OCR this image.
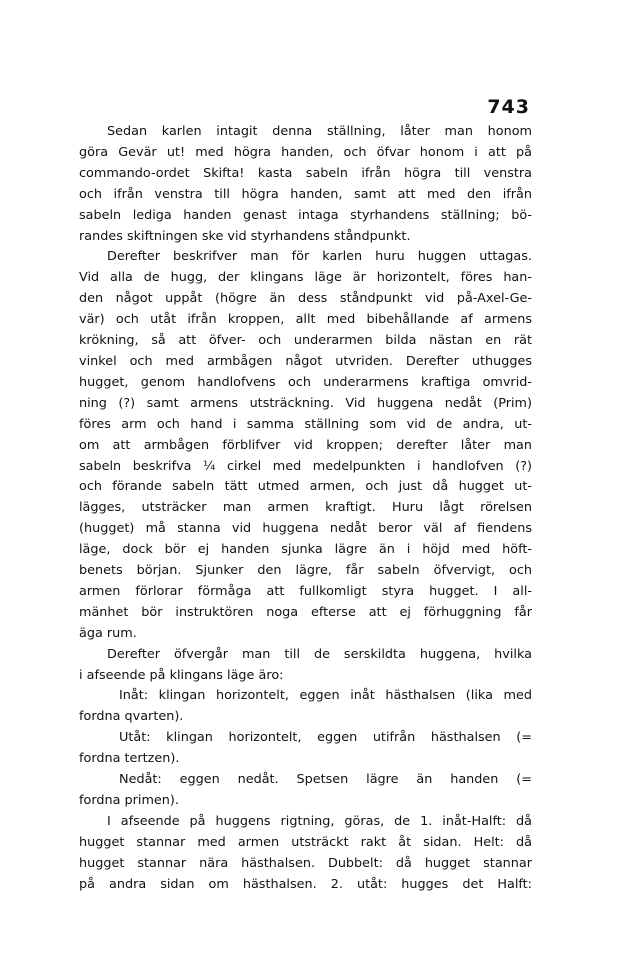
743
Sedan karlen intagit denna ställning, låter man honom
göra Gevär ut! med högra handen, och öfvar honom i att på
commando-ordet Skifta! kasta sabeln ifrån högra till venstra
och ifrån venstra till högra handen, samt att med den ifrån
sabeln lediga handen genast intaga styrhandens ställning; bö-
randes skiftningen ske vid styrhandens ståndpunkt.
Derefter beskrifver man för karlen huru huggen uttagas.
Vid alla de hugg, der klingans läge är horizontelt, föres han-
den något uppåt (högre än dess ståndpunkt vid på-Axel-Ge-
vär) och utåt ifrån kroppen, allt med bibehållande af armens
krökning, så att öfver- och underarmen bilda nästan en rät
vinkel och med armbågen något utvriden. Derefter uthugges
hugget, genom handlofvens och underarmens kraftiga omvrid-
ning (?) samt armens utsträckning. Vid huggena nedåt (Prim)
föres arm och hand i samma ställning som vid de andra, ut-
om att armbågen förblifver vid kroppen; derefter låter man
sabeln beskrifva ¼ cirkel med medelpunkten i handlofven (?)
och förande sabeln tätt utmed armen, och just då hugget ut-
lägges, utsträcker man armen kraftigt. Huru lågt rörelsen
(hugget) må stanna vid huggena nedåt beror väl af fiendens
läge, dock bör ej handen sjunka lägre än i höjd med höft-
benets början. Sjunker den lägre, får sabeln öfvervigt, och
armen förlorar förmåga att fullkomligt styra hugget. I all-
mänhet bör instruktören noga efterse att ej förhuggning får
äga rum.
Derefter öfvergår man till de serskildta huggena, hvilka
i afseende på klingans läge äro:
Inåt: klingan horizontelt, eggen inåt hästhalsen (lika med
fordna qvarten).
Utåt: klingan horizontelt, eggen utifrån hästhalsen (=
fordna tertzen).
Nedåt: eggen nedåt. Spetsen lägre än handen (=
fordna primen).
I afseende på huggens rigtning, göras, de 1. inåt-Halft: då
hugget stannar med armen utsträckt rakt åt sidan. Helt: då
hugget stannar nära hästhalsen. Dubbelt: då hugget stannar
på andra sidan om hästhalsen. 2. utåt: hugges det Halft:
